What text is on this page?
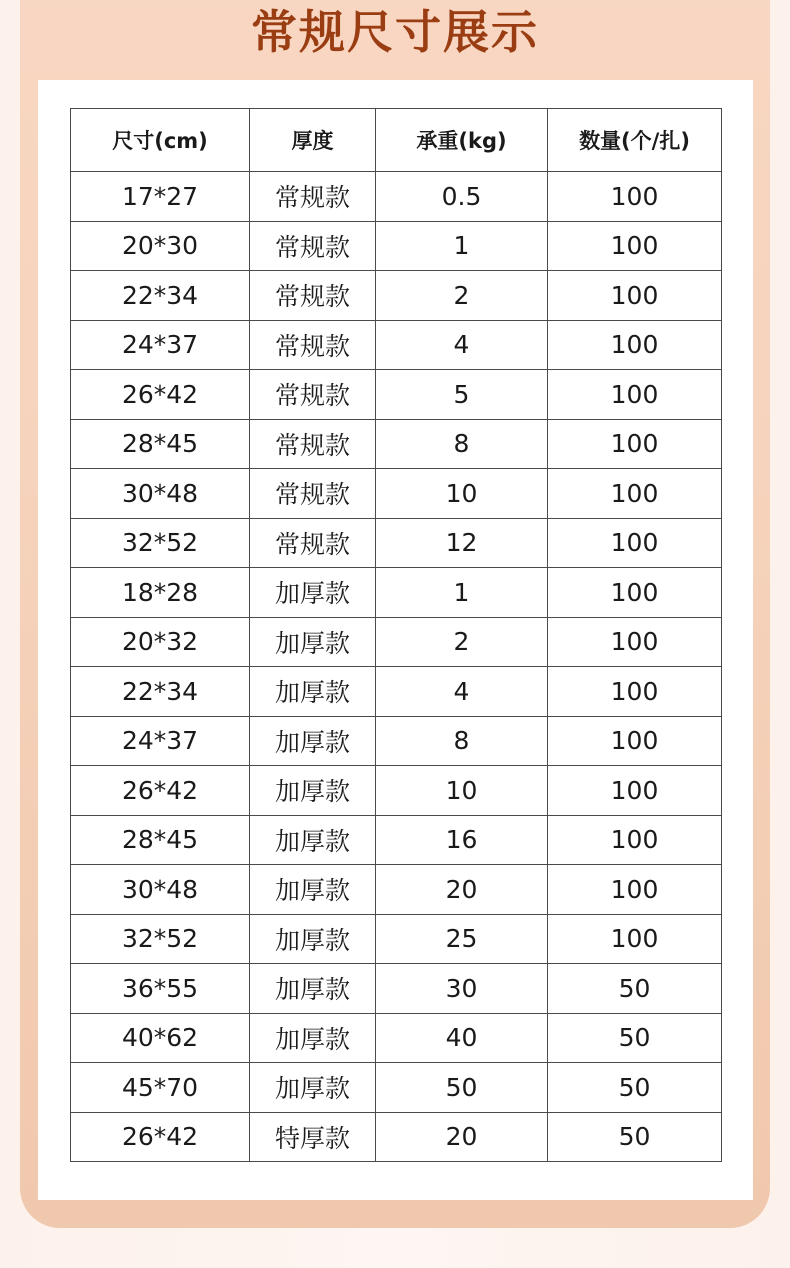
常规尺寸展示
尺寸(cm)	厚度	承重(kg)	数量(个/扎)
17*27	常规款	0.5	100
20*30	常规款	1	100
22*34	常规款	2	100
24*37	常规款	4	100
26*42	常规款	5	100
28*45	常规款	8	100
30*48	常规款	10	100
32*52	常规款	12	100
18*28	加厚款	1	100
20*32	加厚款	2	100
22*34	加厚款	4	100
24*37	加厚款	8	100
26*42	加厚款	10	100
28*45	加厚款	16	100
30*48	加厚款	20	100
32*52	加厚款	25	100
36*55	加厚款	30	50
40*62	加厚款	40	50
45*70	加厚款	50	50
26*42	特厚款	20	50
